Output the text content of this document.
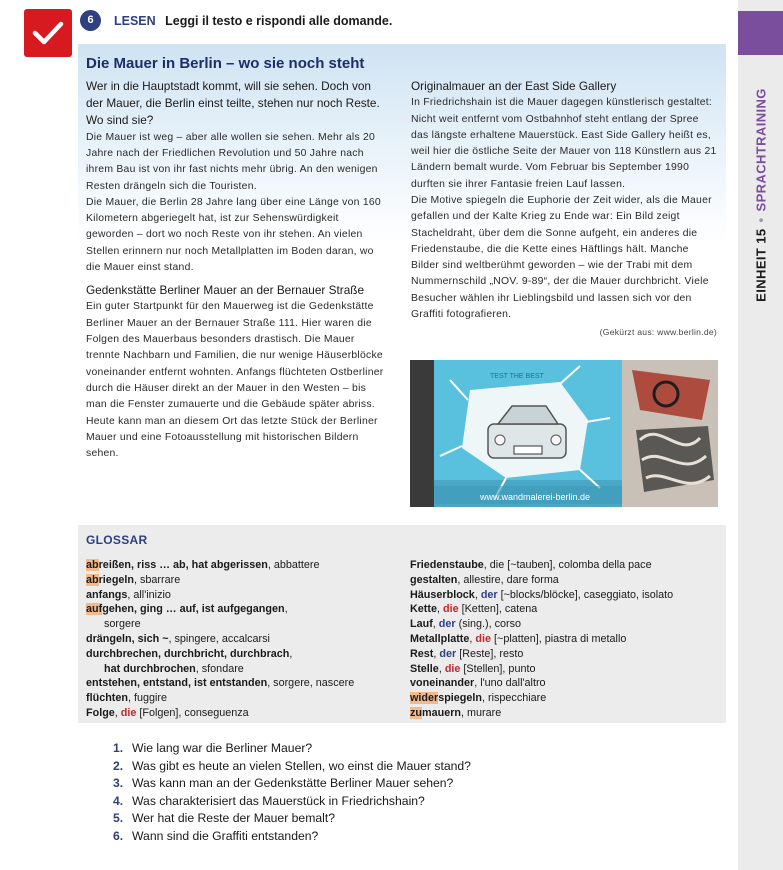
6	LESEN Leggi il testo e rispondi alle domande.
EINHEIT 15•SPRACHTRAINING
Die Mauer in Berlin – wo sie noch steht
Wer in die Hauptstadt kommt, will sie sehen. Doch von der Mauer, die Berlin einst teilte, stehen nur noch Reste. Wo sind sie?
Die Mauer ist weg – aber alle wollen sie sehen. Mehr als 20 Jahre nach der Friedlichen Revolution und 50 Jahre nach ihrem Bau ist von ihr fast nichts mehr übrig. An den wenigen Resten drängeln sich die Touristen.
Die Mauer, die Berlin 28 Jahre lang über eine Länge von 160 Kilometern abgeriegelt hat, ist zur Sehenswürdigkeit geworden – dort wo noch Reste von ihr stehen. An vielen Stellen erinnern nur noch Metallplatten im Boden daran, wo die Mauer einst stand.
Gedenkstätte Berliner Mauer an der Bernauer Straße
Ein guter Startpunkt für den Mauerweg ist die Gedenkstätte Berliner Mauer an der Bernauer Straße 111. Hier waren die Folgen des Mauerbaus besonders drastisch. Die Mauer trennte Nachbarn und Familien, die nur wenige Häuserblöcke voneinander entfernt wohnten. Anfangs flüchteten Ostberliner durch die Häuser direkt an der Mauer in den Westen – bis man die Fenster zumauerte und die Gebäude später abriss.
Heute kann man an diesem Ort das letzte Stück der Berliner Mauer und eine Fotoausstellung mit historischen Bildern sehen.
Originalmauer an der East Side Gallery
In Friedrichshain ist die Mauer dagegen künstlerisch gestaltet: Nicht weit entfernt vom Ostbahnhof steht entlang der Spree das längste erhaltene Mauerstück. East Side Gallery heißt es, weil hier die östliche Seite der Mauer von 118 Künstlern aus 21 Ländern bemalt wurde. Vom Februar bis September 1990 durften sie ihrer Fantasie freien Lauf lassen.
Die Motive spiegeln die Euphorie der Zeit wider, als die Mauer gefallen und der Kalte Krieg zu Ende war: Ein Bild zeigt Stacheldraht, über dem die Sonne aufgeht, ein anderes die Friedenstaube, die die Kette eines Häftlings hält. Manche Bilder sind weltberühmt geworden – wie der Trabi mit dem Nummernschild „NOV. 9-89“, der die Mauer durchbricht. Viele Besucher wählen ihr Lieblingsbild und lassen sich vor den Graffiti fotografieren.
(Gekürzt aus: www.berlin.de)
TEST THE BEST
www.wandmalerei-berlin.de
GLOSSAR
abreißen, riss … ab, hat abgerissen, abbattere
abriegeln, sbarrare
anfangs, all'inizio
aufgehen, ging … auf, ist aufgegangen,
sorgere
drängeln, sich ~, spingere, accalcarsi
durchbrechen, durchbricht, durchbrach,
hat durchbrochen, sfondare
entstehen, entstand, ist entstanden, sorgere, nascere
flüchten, fuggire
Folge, die [Folgen], conseguenza
Friedenstaube, die [~tauben], colomba della pace
gestalten, allestire, dare forma
Häuserblock, der [~blocks/blöcke], caseggiato, isolato
Kette, die [Ketten], catena
Lauf, der (sing.), corso
Metallplatte, die [~platten], piastra di metallo
Rest, der [Reste], resto
Stelle, die [Stellen], punto
voneinander, l'uno dall'altro
widerspiegeln, rispecchiare
zumauern, murare
1. Wie lang war die Berliner Mauer?
2. Was gibt es heute an vielen Stellen, wo einst die Mauer stand?
3. Was kann man an der Gedenkstätte Berliner Mauer sehen?
4. Was charakterisiert das Mauerstück in Friedrichshain?
5. Wer hat die Reste der Mauer bemalt?
6. Wann sind die Graffiti entstanden?
